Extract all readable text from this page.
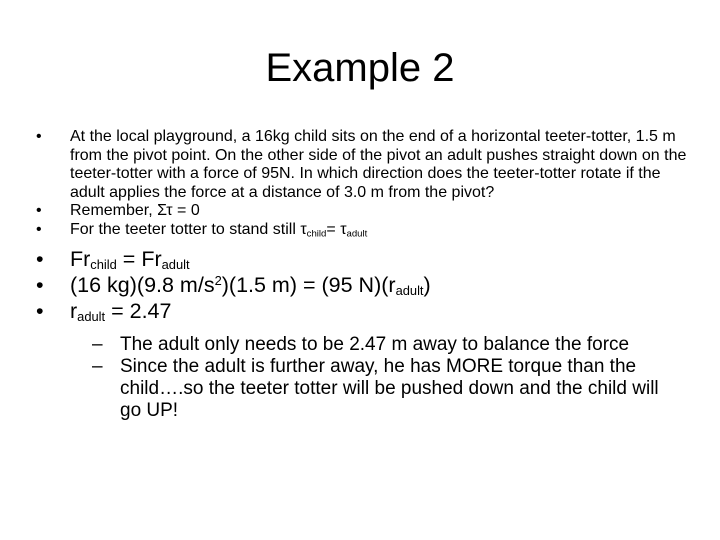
Example 2
• At the local playground, a 16kg child sits on the end of a horizontal teeter-totter, 1.5 m from the pivot point. On the other side of the pivot an adult pushes straight down on the teeter-totter with a force of 95N. In which direction does the teeter-totter rotate if the adult applies the force at a distance of 3.0 m from the pivot?
• Remember, Στ = 0
• For the teeter totter to stand still $\tau_{child}= \tau_{adult}$
• $Fr_{child} = Fr_{adult}$
• (16 kg)(9.8 $m/s^2)(1.5$ m) = (95 $N)(r_{adult})$
• $r_{adult} = 2.47$
– The adult only needs to be 2.47 m away to balance the force
– Since the adult is further away, he has MORE torque than the child….so the teeter totter will be pushed down and the child will go UP!
